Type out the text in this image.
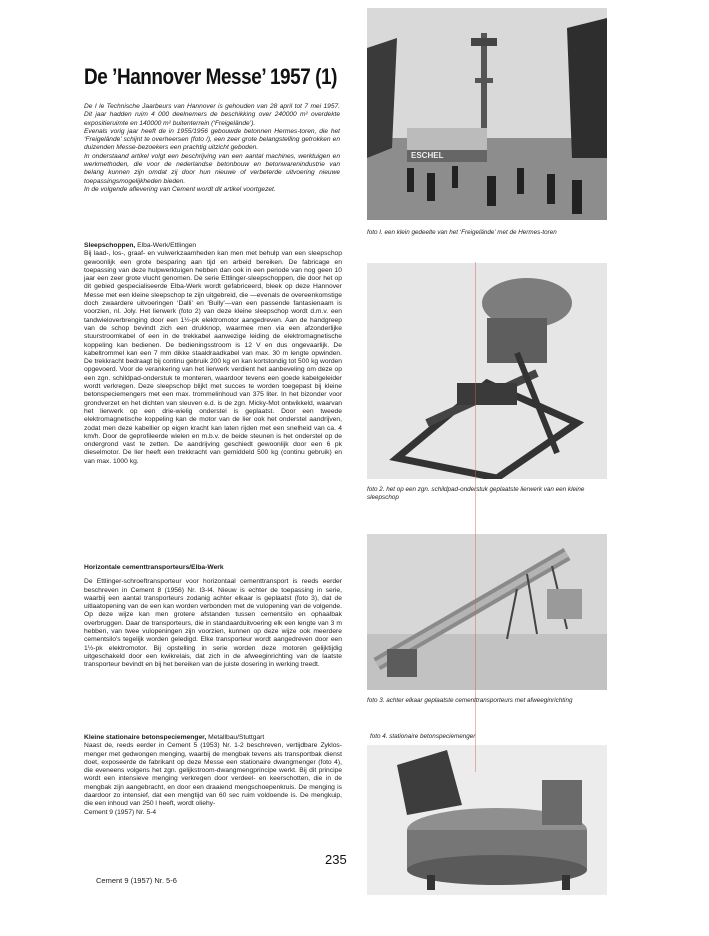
De ’Hannover Messe’ 1957 (1)

De I le Technische Jaarbeurs van Hannover is gehouden van 28 april tot 7 mei 1957. Dit jaar hadden ruim 4 000 deelnemers de beschikking over 240000 m² overdekte expositieruimte en 140000 m² buitenterrein (‘Freigelände’).

Evenals vorig jaar heeft de in 1955/1956 gebouwde betonnen Hermes-toren, die het ‘Freigelände’ schijnt te overheersen (foto /), een zeer grote belangstelling getrokken en duizenden Messe-bezoekers een prachtig uitzicht geboden.

In onderstaand artikel volgt een beschrijving van een aantal machines, werktuigen en werkmethoden, die voor de nederlandse betonbouw en betonwarenindustrie van belang kunnen zijn omdat zij door hun nieuwe of verbeterde uitvoering nieuwe toepassingsmogelijkheden bieden.

In de volgende aflevering van Cement wordt dit artikel voortgezet.

Sleepschoppen, Elba-Werk/Ettlingen

Bij laad-, los-, graaf- en vulwerkzaamheden kan men met behulp van een sleepschop gewoonlijk een grote besparing aan tijd en arbeid bereiken. De fabricage en toepassing van deze hulpwerktuigen hebben dan ook in een periode van nog geen 10 jaar een zeer grote vlucht genomen. De serie Ettlinger-sleepschoppen, die door het op dit gebied gespecialiseerde Elba-Werk wordt gefabriceerd, bleek op deze Hannover Messe met een kleine sleepschop te zijn uitgebreid, die —evenals de overeenkomstige doch zwaardere uitvoeringen ‘Dalli’ en ‘Bully’—van een passende fantasienaam is voorzien, nl. Joly. Het lierwerk (foto 2) van deze kleine sleepschop wordt d.m.v. een tandwieloverbrenging door een 1½-pk elektromotor aangedreven. Aan de handgreep van de schop bevindt zich een drukknop, waarmee men via een afzonderlijke stuurstroomkabel of een in de trekkabel aanwezige leiding de elektromagnetische koppeling kan bedienen. De bedieningsstroom is 12 V en dus ongevaarlijk. De kabeltrommel kan een 7 mm dikke staaldraadkabel van max. 30 m lengte opwinden. De trekkracht bedraagt bij continu gebruik 200 kg en kan kortstondig tot 500 kg worden opgevoerd. Voor de verankering van het lierwerk verdient het aanbeveling om deze op een zgn. schildpad-onderstuk te monteren, waardoor tevens een goede kabelgeleider wordt verkregen. Deze sleepschop blijkt met succes te worden toegepast bij kleine betonspeciemengers met een max. trommelinhoud van 375 liter. In het bizonder voor grondverzet en het dichten van sleuven e.d. is de zgn. Micky-Mot ontwikkeld, waarvan het lierwerk op een drie-wielig onderstel is geplaatst. Door een tweede elektromagnetische koppeling kan de motor van de lier ook het onderstel aandrijven, zodat men deze kabellier op eigen kracht kan laten rijden met een snelheid van ca. 4 km/h. Door de geprofileerde wielen en m.b.v. de beide steunen is het onderstel op de ondergrond vast te zetten. De aandrijving geschiedt gewoonlijk door een 6 pk dieselmotor. De lier heeft een trekkracht van gemiddeld 500 kg (continu gebruik) en van max. 1000 kg.

Horizontale cementtransporteurs/Elba-Werk

De Ettlinger-schroeftransporteur voor horizontaal cementtransport is reeds eerder beschreven in Cement 8 (1956) Nr. I3-I4. Nieuw is echter de toepassing in serie, waarbij een aantal transporteurs zodanig achter elkaar is geplaatst (foto 3), dat de uitlaatopening van de een kan worden verbonden met de vulopening van de volgende. Op deze wijze kan men grotere afstanden tussen cementsilo en ophaalbak overbruggen. Daar de transporteurs, die in standaarduitvoering elk een lengte van 3 m hebben, van twee vulopeningen zijn voorzien, kunnen op deze wijze ook meerdere cementsilo's tegelijk worden geledigd. Elke transporteur wordt aangedreven door een 1½-pk elektromotor. Bij opstelling in serie worden deze motoren gelijktijdig uitgeschakeld door een kwikrelais, dat zich in de afweeginrichting van de laatste transporteur bevindt en bij het bereiken van de juiste dosering in werking treedt.

Kleine stationaire betonspeciemenger, Metallbau/Stuttgart

Naast de, reeds eerder in Cement 5 (1953) Nr. 1-2 beschreven, vertijdbare Zyklos-menger met gedwongen menging, waarbij de mengbak tevens als transportbak dienst doet, exposeerde de fabrikant op deze Messe een stationaire dwangmenger (foto 4), die eveneens volgens het zgn. gelijkstroom-dwangmengprincipe werkt. Bij dit principe wordt een intensieve menging verkregen door verdeel- en keerschotten, die in de mengbak zijn aangebracht, en door een draaiend mengschoepenkruis. De menging is daardoor zo intensief, dat een mengtijd van 60 sec ruim voldoende is. De mengkuip, die een inhoud van 250 l heeft, wordt oliehy-

Cement 9 (1957) Nr. 5-4

ESCHEL
foto I. een klein gedeelte van het ‘Freigelände’ met de Hermes-toren
foto 2. het op een zgn. schildpad-onderstuk geplaatste lierwerk van een kleine sleepschop
foto 3. achter elkaar geplaatste cementtransporteurs met afweeginrichting
foto 4. stationaire betonspeciemenger
235
Cement 9 (1957) Nr. 5-6
